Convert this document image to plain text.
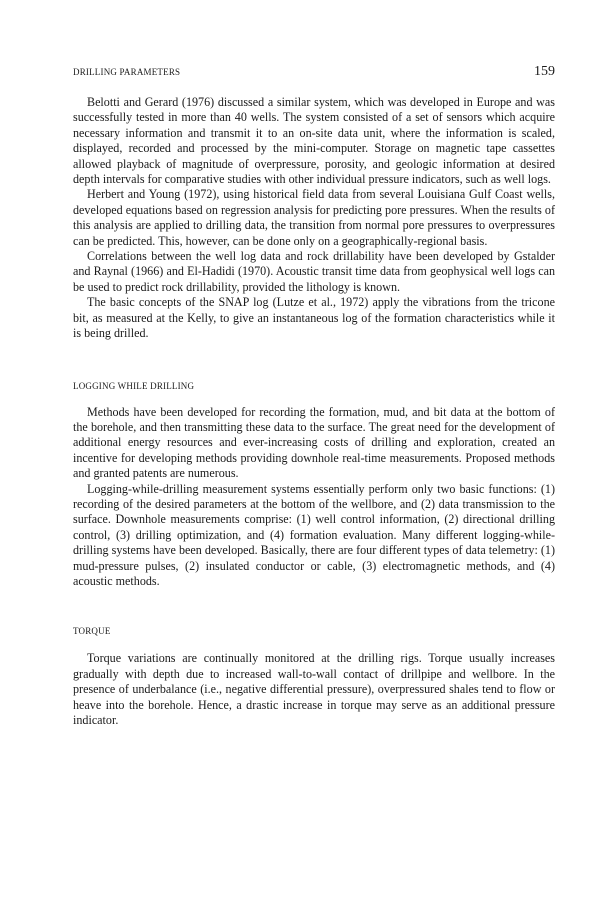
DRILLING PARAMETERS	159

Belotti and Gerard (1976) discussed a similar system, which was developed in Europe and was successfully tested in more than 40 wells. The system consisted of a set of sensors which acquire necessary information and transmit it to an on-site data unit, where the information is scaled, displayed, recorded and processed by the mini-computer. Storage on magnetic tape cassettes allowed playback of magnitude of overpressure, porosity, and geologic information at desired depth intervals for comparative studies with other individual pressure indicators, such as well logs.

Herbert and Young (1972), using historical field data from several Louisiana Gulf Coast wells, developed equations based on regression analysis for predicting pore pressures. When the results of this analysis are applied to drilling data, the transition from normal pore pressures to overpressures can be predicted. This, however, can be done only on a geographically-regional basis.

Correlations between the well log data and rock drillability have been developed by Gstalder and Raynal (1966) and El-Hadidi (1970). Acoustic transit time data from geophysical well logs can be used to predict rock drillability, provided the lithology is known.

The basic concepts of the SNAP log (Lutze et al., 1972) apply the vibrations from the tricone bit, as measured at the Kelly, to give an instantaneous log of the formation characteristics while it is being drilled.

LOGGING WHILE DRILLING

Methods have been developed for recording the formation, mud, and bit data at the bottom of the borehole, and then transmitting these data to the surface. The great need for the development of additional energy resources and ever-increasing costs of drilling and exploration, created an incentive for developing methods providing downhole real-time measurements. Proposed methods and granted patents are numerous.

Logging-while-drilling measurement systems essentially perform only two basic functions: (1) recording of the desired parameters at the bottom of the wellbore, and (2) data transmission to the surface. Downhole measurements comprise: (1) well control information, (2) directional drilling control, (3) drilling optimization, and (4) formation evaluation. Many different logging-while-drilling systems have been developed. Basically, there are four different types of data telemetry: (1) mud-pressure pulses, (2) insulated conductor or cable, (3) electromagnetic methods, and (4) acoustic methods.

TORQUE

Torque variations are continually monitored at the drilling rigs. Torque usually increases gradually with depth due to increased wall-to-wall contact of drillpipe and wellbore. In the presence of underbalance (i.e., negative differential pressure), overpressured shales tend to flow or heave into the borehole. Hence, a drastic increase in torque may serve as an additional pressure indicator.
